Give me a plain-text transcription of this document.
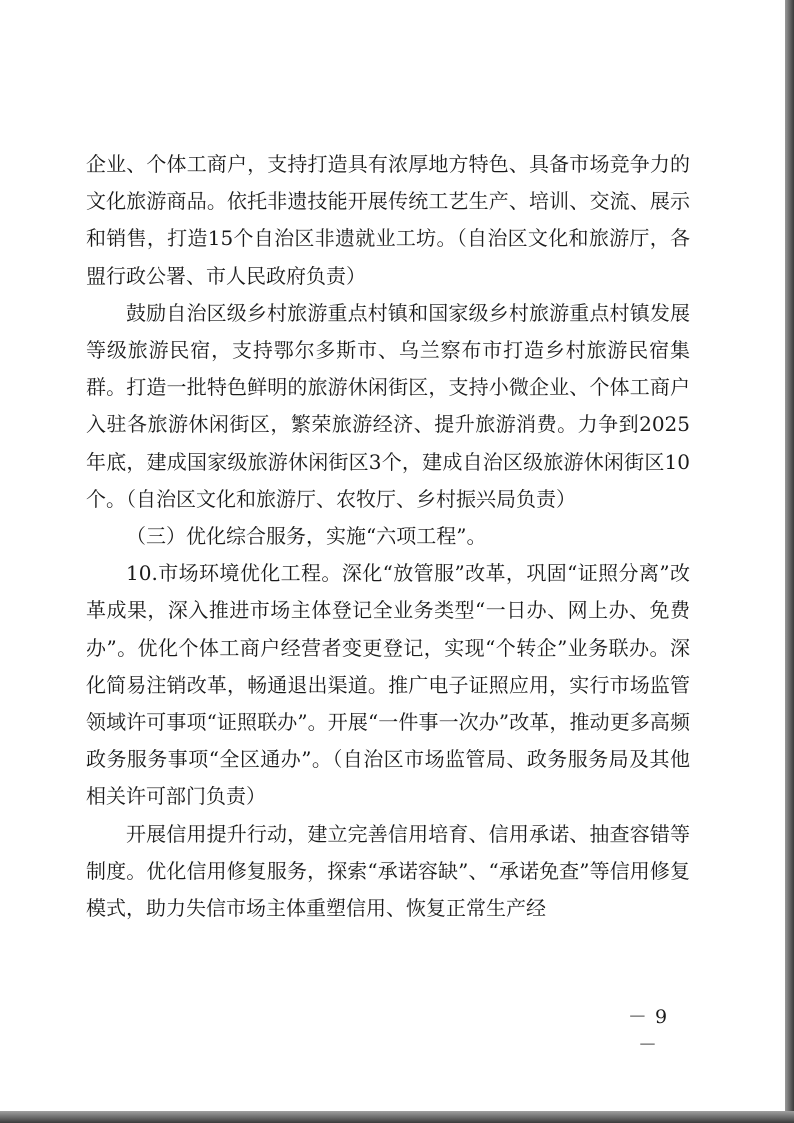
企业、个体工商户，支持打造具有浓厚地方特色、具备市场竞争力的文化旅游商品。依托非遗技能开展传统工艺生产、培训、交流、展示和销售，打造15个自治区非遗就业工坊。（自治区文化和旅游厅，各盟行政公署、市人民政府负责）

鼓励自治区级乡村旅游重点村镇和国家级乡村旅游重点村镇发展等级旅游民宿，支持鄂尔多斯市、乌兰察布市打造乡村旅游民宿集群。打造一批特色鲜明的旅游休闲街区，支持小微企业、个体工商户入驻各旅游休闲街区，繁荣旅游经济、提升旅游消费。力争到2025年底，建成国家级旅游休闲街区3个，建成自治区级旅游休闲街区10个。（自治区文化和旅游厅、农牧厅、乡村振兴局负责）

（三）优化综合服务，实施“六项工程”。

10.市场环境优化工程。深化“放管服”改革，巩固“证照分离”改革成果，深入推进市场主体登记全业务类型“一日办、网上办、免费办”。优化个体工商户经营者变更登记，实现“个转企”业务联办。深化简易注销改革，畅通退出渠道。推广电子证照应用，实行市场监管领域许可事项“证照联办”。开展“一件事一次办”改革，推动更多高频政务服务事项“全区通办”。（自治区市场监管局、政务服务局及其他相关许可部门负责）

开展信用提升行动，建立完善信用培育、信用承诺、抽查容错等制度。优化信用修复服务，探索“承诺容缺”、“承诺免查”等信用修复模式，助力失信市场主体重塑信用、恢复正常生产经

－ 9 －
